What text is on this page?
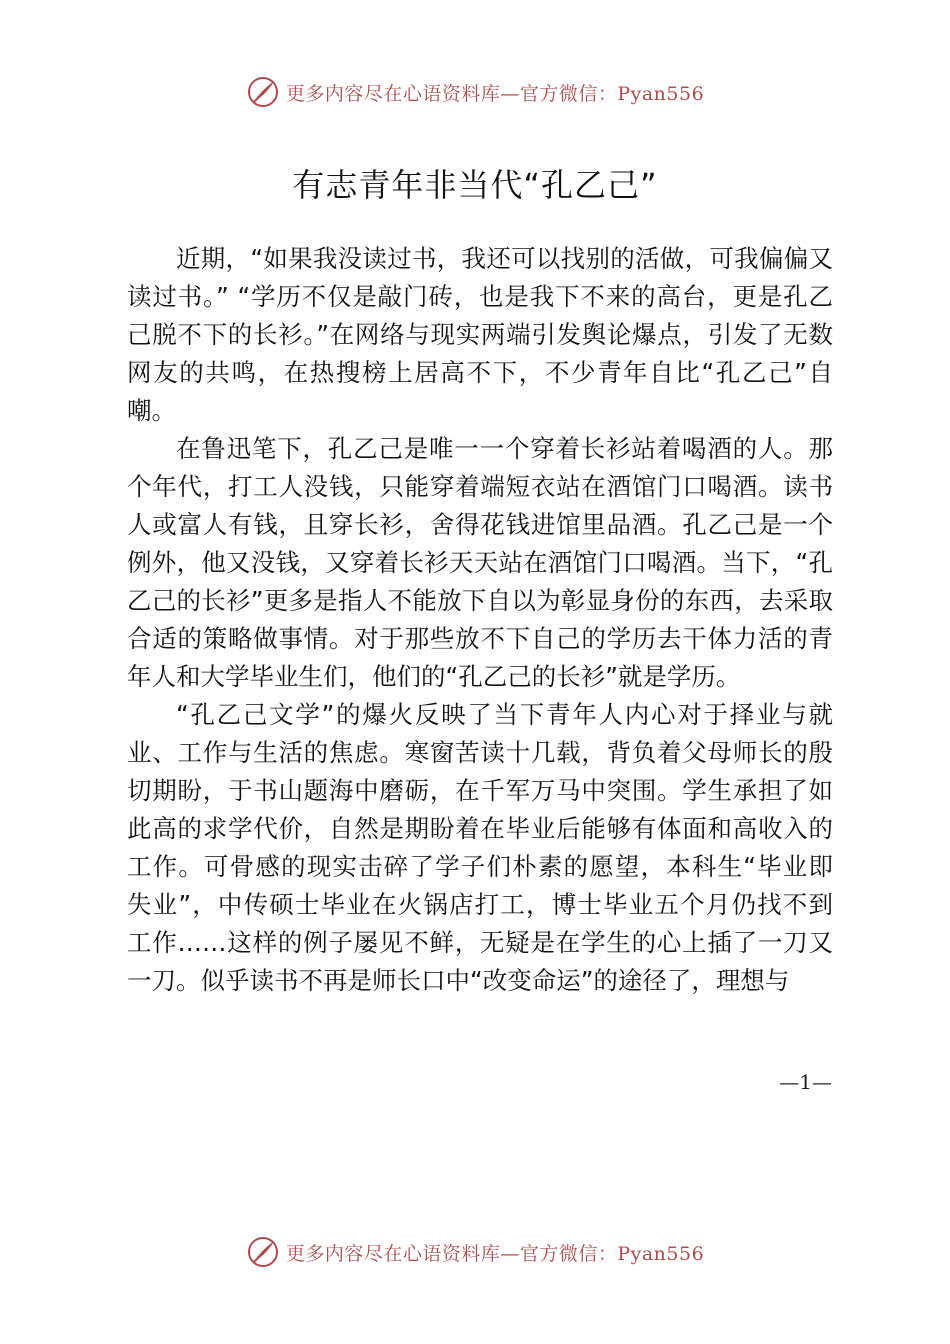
更多内容尽在心语资料库—官方微信：Pyan556
有志青年非当代“孔乙己”

近期，“如果我没读过书，我还可以找别的活做，可我偏偏又读过书。” “学历不仅是敲门砖，也是我下不来的高台，更是孔乙己脱不下的长衫。”在网络与现实两端引发舆论爆点，引发了无数网友的共鸣，在热搜榜上居高不下，不少青年自比“孔乙己”自嘲。

在鲁迅笔下，孔乙己是唯一一个穿着长衫站着喝酒的人。那个年代，打工人没钱，只能穿着端短衣站在酒馆门口喝酒。读书人或富人有钱，且穿长衫，舍得花钱进馆里品酒。孔乙己是一个例外，他又没钱，又穿着长衫天天站在酒馆门口喝酒。当下，“孔乙己的长衫”更多是指人不能放下自以为彰显身份的东西，去采取合适的策略做事情。对于那些放不下自己的学历去干体力活的青年人和大学毕业生们，他们的“孔乙己的长衫”就是学历。

“孔乙己文学”的爆火反映了当下青年人内心对于择业与就业、工作与生活的焦虑。寒窗苦读十几载，背负着父母师长的殷 切期盼，于书山题海中磨砺，在千军万马中突围。学生承担了如 此高的求学代价，自然是期盼着在毕业后能够有体面和高收入的工作。可骨感的现实击碎了学子们朴素的愿望，本科生“毕业即 失业”，中传硕士毕业在火锅店打工，博士毕业五个月仍找不到 工作……这样的例子屡见不鲜，无疑是在学生的心上插了一刀又一刀。似乎读书不再是师长口中“改变命运”的途径了，理想与

—1—
更多内容尽在心语资料库—官方微信：Pyan556
